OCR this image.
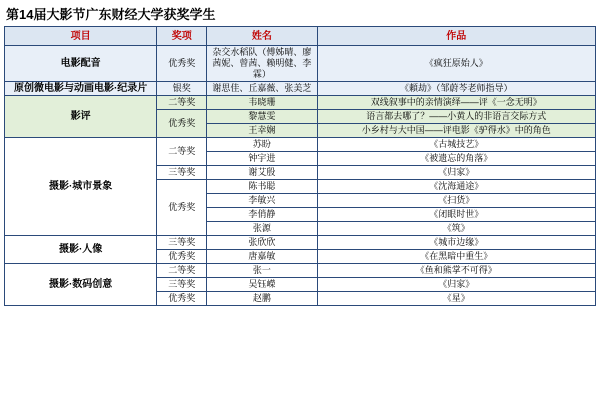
第14届大影节广东财经大学获奖学生
项目	奖项	姓名	作品
电影配音	优秀奖	杂交水稻队（傅姊晴、廖茜妮、曾茜、赖明健、李霖）	《疯狂原始人》
原创微电影与动画电影·纪录片	银奖	谢思佳、丘嘉薇、张美芝	《頼劫》（邹蔚芩老师指导）
影评	二等奖	韦晓珊	双线叙事中的亲情演绎——评《一念无明》
	优秀奖	黎慧雯	语言都去哪了？——小黄人的非语言交际方式
		王幸娴	小乡村与大中国——评电影《驴得水》中的角色
摄影·城市景象	二等奖	苏盼	《古城技艺》
		钟宇进	《被遗忘的角落》
	三等奖	谢艾殷	《归家》
	优秀奖	陈书聪	《沈海通途》
		李敏兴	《扫货》
		李俏静	《闭眼时世》
		张源	《筑》
摄影·人像	三等奖	张欣欣	《城市边缘》
	优秀奖	唐嘉敏	《在黑暗中重生》
摄影·数码创意	二等奖	张一	《鱼和熊掌不可得》
	三等奖	吴钰嶸	《归家》
	优秀奖	赵鹏	《星》
